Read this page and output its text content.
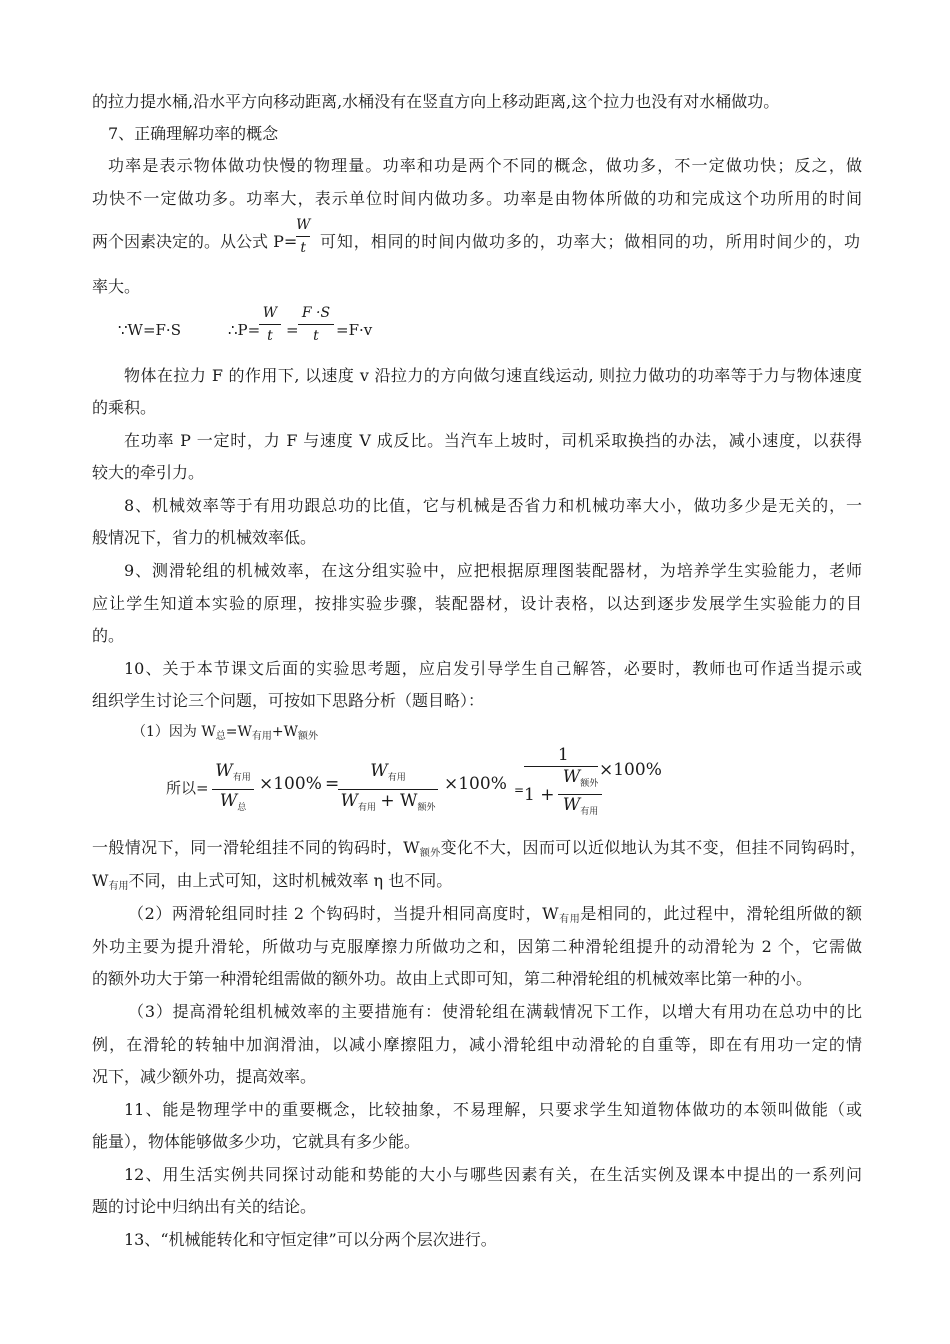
的拉力提水桶,沿水平方向移动距离,水桶没有在竖直方向上移动距离,这个拉力也没有对水桶做功。
7、正确理解功率的概念
功率是表示物体做功快慢的物理量。功率和功是两个不同的概念，做功多，不一定做功快；反之，做
功快不一定做功多。功率大，表示单位时间内做功多。功率是由物体所做的功和完成这个功所用的时间
两个因素决定的。从公式 P=
W
t 可知，相同的时间内做功多的，功率大；做相同的功，所用时间少的，功
率大。
∵W=F·S	∴P=
W
t =
F ·S
t =F·v
物体在拉力 F 的作用下, 以速度 v 沿拉力的方向做匀速直线运动, 则拉力做功的功率等于力与物体速度
的乘积。
在功率 P 一定时，力 F 与速度 V 成反比。当汽车上坡时，司机采取换挡的办法，减小速度，以获得
较大的牵引力。
8、机械效率等于有用功跟总功的比值，它与机械是否省力和机械功率大小，做功多少是无关的，一
般情况下，省力的机械效率低。
9、测滑轮组的机械效率，在这分组实验中，应把根据原理图装配器材，为培养学生实验能力，老师
应让学生知道本实验的原理，按排实验步骤，装配器材，设计表格，以达到逐步发展学生实验能力的目
的。
10、关于本节课文后面的实验思考题，应启发引导学生自己解答，必要时，教师也可作适当提示或
组织学生讨论三个问题，可按如下思路分析（题目略）：
（1）因为 $W_总=W_{有用}+W_{额外}$
所以=
$W_{有用}$
$W_总$
×100% =
$W_{有用}$
$W_{有用} + W_{额外}$
×100% =
1
$1 + \frac{W_{额外}}{W_{有用}}$
×100%
一般情况下，同一滑轮组挂不同的钩码时，$W_{额外}$变化不大，因而可以近似地认为其不变，但挂不同钩码时，
$W_{有用}$不同，由上式可知，这时机械效率 η 也不同。
（2）两滑轮组同时挂 2 个钩码时，当提升相同高度时，$W_{有用}$是相同的，此过程中，滑轮组所做的额
外功主要为提升滑轮，所做功与克服摩擦力所做功之和，因第二种滑轮组提升的动滑轮为 2 个，它需做
的额外功大于第一种滑轮组需做的额外功。故由上式即可知，第二种滑轮组的机械效率比第一种的小。
（3）提高滑轮组机械效率的主要措施有：使滑轮组在满载情况下工作，以增大有用功在总功中的比
例，在滑轮的转轴中加润滑油，以减小摩擦阻力，减小滑轮组中动滑轮的自重等，即在有用功一定的情
况下，减少额外功，提高效率。
11、能是物理学中的重要概念，比较抽象，不易理解，只要求学生知道物体做功的本领叫做能（或
能量），物体能够做多少功，它就具有多少能。
12、用生活实例共同探讨动能和势能的大小与哪些因素有关，在生活实例及课本中提出的一系列问
题的讨论中归纳出有关的结论。
13、“机械能转化和守恒定律”可以分两个层次进行。
